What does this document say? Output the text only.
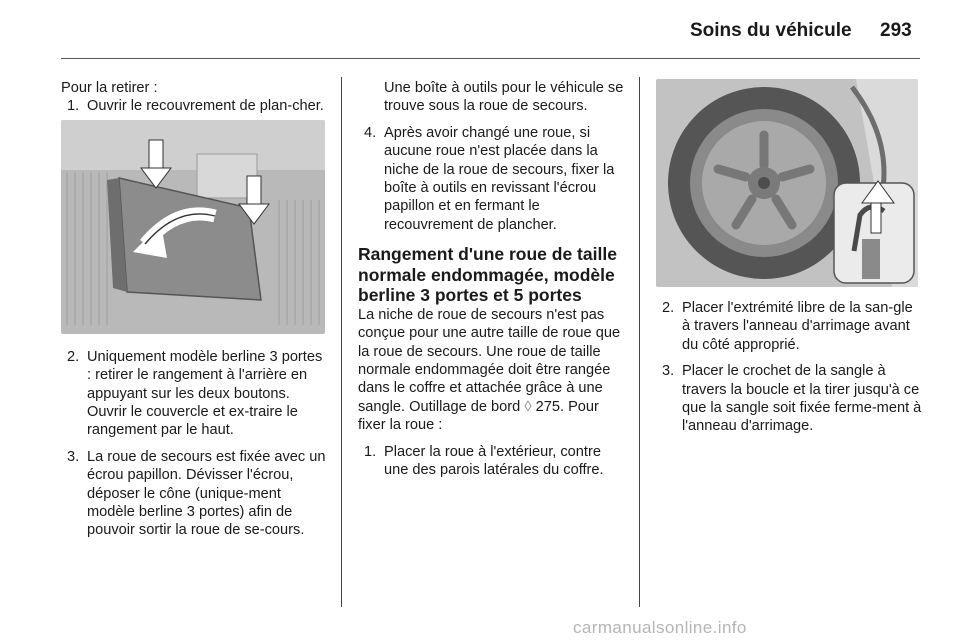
Soins du véhicule 293

Pour la retirer :

1. Ouvrir le recouvrement de plan-cher.
2. Uniquement modèle berline 3 portes : retirer le rangement à l'arrière en appuyant sur les deux boutons. Ouvrir le couvercle et ex-traire le rangement par le haut.
3. La roue de secours est fixée avec un écrou papillon. Dévisser l'écrou, déposer le cône (unique-ment modèle berline 3 portes) afin de pouvoir sortir la roue de se-cours.

Une boîte à outils pour le véhicule se trouve sous la roue de secours.

4. Après avoir changé une roue, si aucune roue n'est placée dans la niche de la roue de secours, fixer la boîte à outils en revissant l'écrou papillon et en fermant le recouvrement de plancher.
Rangement d'une roue de taille normale endommagée, modèle berline 3 portes et 5 portes

La niche de roue de secours n'est pas conçue pour une autre taille de roue que la roue de secours. Une roue de taille normale endommagée doit être rangée dans le coffre et attachée grâce à une sangle. Outillage de bord ◊ 275. Pour fixer la roue :

1. Placer la roue à l'extérieur, contre une des parois latérales du coffre.
2. Placer l'extrémité libre de la san-gle à travers l'anneau d'arrimage avant du côté approprié.
3. Placer le crochet de la sangle à travers la boucle et la tirer jusqu'à ce que la sangle soit fixée ferme-ment à l'anneau d'arrimage.
carmanualsonline.info
